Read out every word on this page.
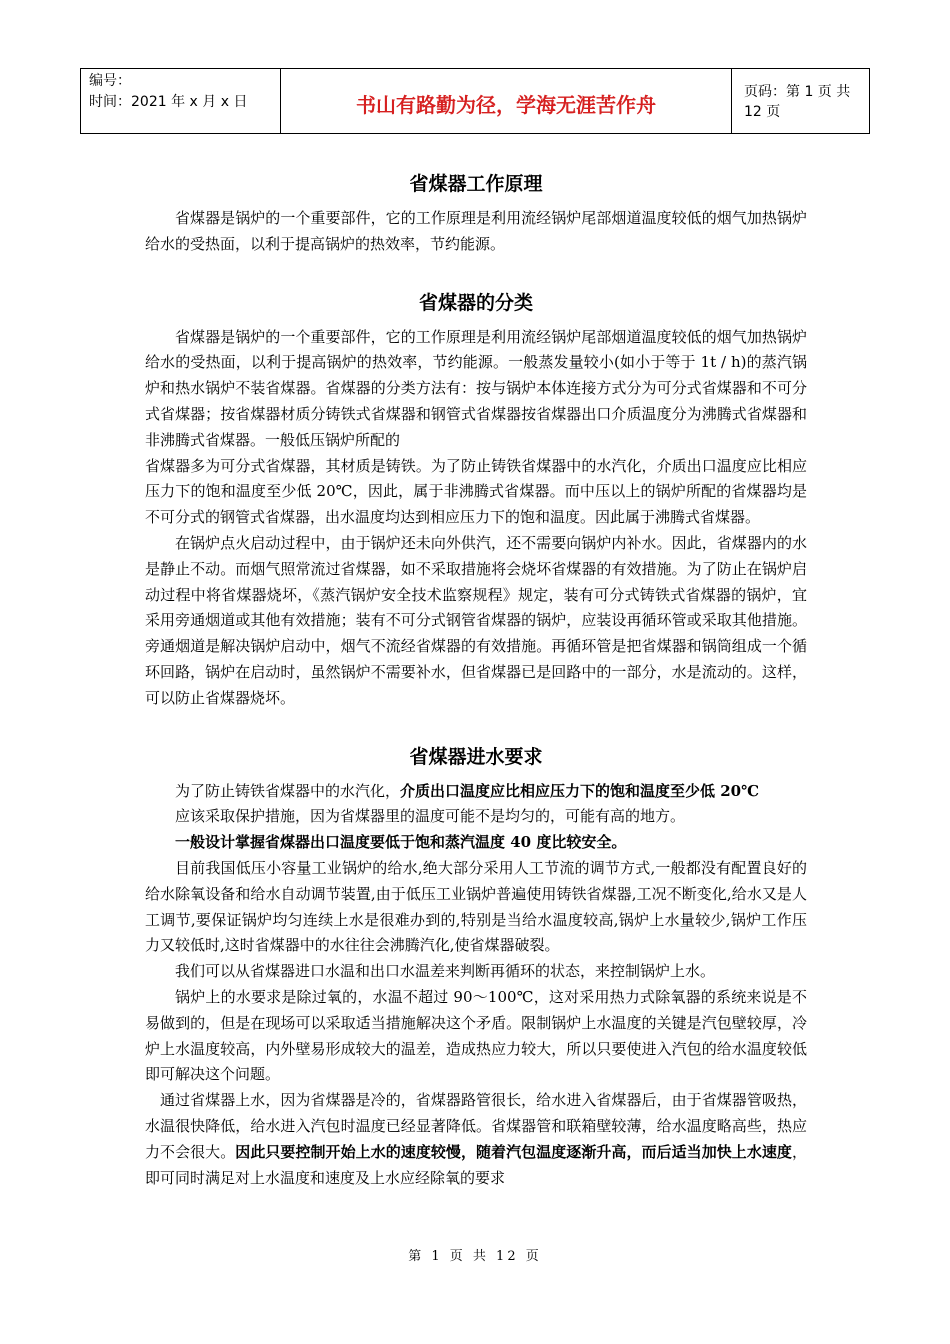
编号：
时间：2021 年 x 月 x 日	书山有路勤为径，学海无涯苦作舟
页码：第 1 页 共 12 页
省煤器工作原理

省煤器是锅炉的一个重要部件，它的工作原理是利用流经锅炉尾部烟道温度较低的烟气加热锅炉给水的受热面，以利于提高锅炉的热效率，节约能源。

省煤器的分类

省煤器是锅炉的一个重要部件，它的工作原理是利用流经锅炉尾部烟道温度较低的烟气加热锅炉给水的受热面，以利于提高锅炉的热效率，节约能源。一般蒸发量较小(如小于等于 1t / h)的蒸汽锅炉和热水锅炉不装省煤器。省煤器的分类方法有：按与锅炉本体连接方式分为可分式省煤器和不可分式省煤器；按省煤器材质分铸铁式省煤器和钢管式省煤器按省煤器出口介质温度分为沸腾式省煤器和非沸腾式省煤器。一般低压锅炉所配的

省煤器多为可分式省煤器，其材质是铸铁。为了防止铸铁省煤器中的水汽化，介质出口温度应比相应压力下的饱和温度至少低 20℃，因此，属于非沸腾式省煤器。而中压以上的锅炉所配的省煤器均是不可分式的钢管式省煤器，出水温度均达到相应压力下的饱和温度。因此属于沸腾式省煤器。

在锅炉点火启动过程中，由于锅炉还未向外供汽，还不需要向锅炉内补水。因此，省煤器内的水是静止不动。而烟气照常流过省煤器，如不采取措施将会烧坏省煤器的有效措施。为了防止在锅炉启动过程中将省煤器烧坏，《蒸汽锅炉安全技术监察规程》规定，装有可分式铸铁式省煤器的锅炉，宜采用旁通烟道或其他有效措施；装有不可分式钢管省煤器的锅炉，应装设再循环管或采取其他措施。旁通烟道是解决锅炉启动中，烟气不流经省煤器的有效措施。再循环管是把省煤器和锅筒组成一个循环回路，锅炉在启动时，虽然锅炉不需要补水，但省煤器已是回路中的一部分，水是流动的。这样，可以防止省煤器烧坏。

省煤器进水要求

为了防止铸铁省煤器中的水汽化，介质出口温度应比相应压力下的饱和温度至少低 20℃

应该采取保护措施，因为省煤器里的温度可能不是均匀的，可能有高的地方。

一般设计掌握省煤器出口温度要低于饱和蒸汽温度 40 度比较安全。

目前我国低压小容量工业锅炉的给水,绝大部分采用人工节流的调节方式,一般都没有配置良好的给水除氧设备和给水自动调节装置,由于低压工业锅炉普遍使用铸铁省煤器,工况不断变化,给水又是人工调节,要保证锅炉均匀连续上水是很难办到的,特别是当给水温度较高,锅炉上水量较少,锅炉工作压力又较低时,这时省煤器中的水往往会沸腾汽化,使省煤器破裂。

我们可以从省煤器进口水温和出口水温差来判断再循环的状态，来控制锅炉上水。

锅炉上的水要求是除过氧的，水温不超过 90～100℃，这对采用热力式除氧器的系统来说是不易做到的，但是在现场可以采取适当措施解决这个矛盾。限制锅炉上水温度的关键是汽包壁较厚，冷炉上水温度较高，内外壁易形成较大的温差，造成热应力较大，所以只要使进入汽包的给水温度较低即可解决这个问题。

通过省煤器上水，因为省煤器是冷的，省煤器路管很长，给水进入省煤器后，由于省煤器管吸热，水温很快降低，给水进入汽包时温度已经显著降低。省煤器管和联箱壁较薄，给水温度略高些，热应力不会很大。因此只要控制开始上水的速度较慢，随着汽包温度逐渐升高，而后适当加快上水速度，即可同时满足对上水温度和速度及上水应经除氧的要求

第 1 页 共 12 页
